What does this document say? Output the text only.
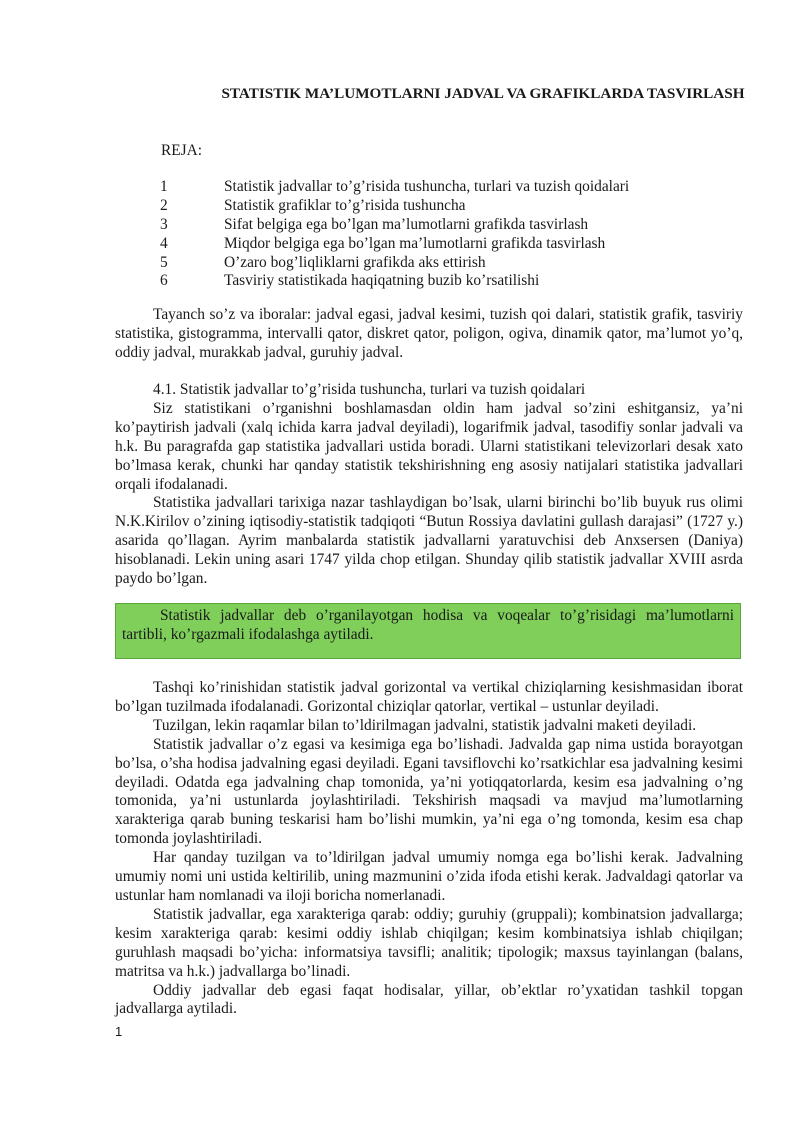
STATISTIK MA’LUMOTLARNI JADVAL VA GRAFIKLARDA TASVIRLASH
REJA:
1	Statistik jadvallar to’g’risida tushuncha, turlari va tuzish qoidalari
2	Statistik grafiklar to’g’risida tushuncha
3	Sifat belgiga ega bo’lgan ma’lumotlarni grafikda tasvirlash
4	Miqdor belgiga ega bo’lgan ma’lumotlarni grafikda tasvirlash
5	O’zaro bog’liqliklarni grafikda aks ettirish
6	Tasviriy statistikada haqiqatning buzib ko’rsatilishi

Tayanch so’z va iboralar: jadval egasi, jadval kesimi, tuzish qoi dalari, statistik grafik, tasviriy statistika, gistogramma, intervalli qator, diskret qator, poligon, ogiva, dinamik qator, ma’lumot yo’q, oddiy jadval, murakkab jadval, guruhiy jadval.

4.1. Statistik jadvallar to’g’risida tushuncha, turlari va tuzish qoidalari

Siz statistikani o’rganishni boshlamasdan oldin ham jadval so’zini eshitgansiz, ya’ni ko’paytirish jadvali (xalq ichida karra jadval deyiladi), logarifmik jadval, tasodifiy sonlar jadvali va h.k. Bu paragrafda gap statistika jadvallari ustida boradi. Ularni statistikani televizorlari desak xato bo’lmasa kerak, chunki har qanday statistik tekshirishning eng asosiy natijalari statistika jadvallari orqali ifodalanadi.

Statistika jadvallari tarixiga nazar tashlaydigan bo’lsak, ularni birinchi bo’lib buyuk rus olimi N.K.Kirilov o’zining iqtisodiy-statistik tadqiqoti “Butun Rossiya davlatini gullash darajasi” (1727 y.) asarida qo’llagan. Ayrim manbalarda statistik jadvallarni yaratuvchisi deb Anxsersen (Daniya) hisoblanadi. Lekin uning asari 1747 yilda chop etilgan. Shunday qilib statistik jadvallar XVIII asrda paydo bo’lgan.

Statistik jadvallar deb o’rganilayotgan hodisa va voqealar to’g’risidagi ma’lumotlarni tartibli, ko’rgazmali ifodalashga aytiladi.

Tashqi ko’rinishidan statistik jadval gorizontal va vertikal chiziqlarning kesishmasidan iborat bo’lgan tuzilmada ifodalanadi. Gorizontal chiziqlar qatorlar, vertikal – ustunlar deyiladi.

Tuzilgan, lekin raqamlar bilan to’ldirilmagan jadvalni, statistik jadvalni maketi deyiladi.

Statistik jadvallar o’z egasi va kesimiga ega bo’lishadi. Jadvalda gap nima ustida borayotgan bo’lsa, o’sha hodisa jadvalning egasi deyiladi. Egani tavsiflovchi ko’rsatkichlar esa jadvalning kesimi deyiladi. Odatda ega jadvalning chap tomonida, ya’ni yotiqqatorlarda, kesim esa jadvalning o’ng tomonida, ya’ni ustunlarda joylashtiriladi. Tekshirish maqsadi va mavjud ma’lumotlarning xarakteriga qarab buning teskarisi ham bo’lishi mumkin, ya’ni ega o’ng tomonda, kesim esa chap tomonda joylashtiriladi.

Har qanday tuzilgan va to’ldirilgan jadval umumiy nomga ega bo’lishi kerak. Jadvalning umumiy nomi uni ustida keltirilib, uning mazmunini o’zida ifoda etishi kerak. Jadvaldagi qatorlar va ustunlar ham nomlanadi va iloji boricha nomerlanadi.

Statistik jadvallar, ega xarakteriga qarab: oddiy; guruhiy (gruppali); kombinatsion jadvallarga; kesim xarakteriga qarab: kesimi oddiy ishlab chiqilgan; kesim kombinatsiya ishlab chiqilgan; guruhlash maqsadi bo’yicha: informatsiya tavsifli; analitik; tipologik; maxsus tayinlangan (balans, matritsa va h.k.) jadvallarga bo’linadi.

Oddiy jadvallar deb egasi faqat hodisalar, yillar, ob’ektlar ro’yxatidan tashkil topgan jadvallarga aytiladi.

1
